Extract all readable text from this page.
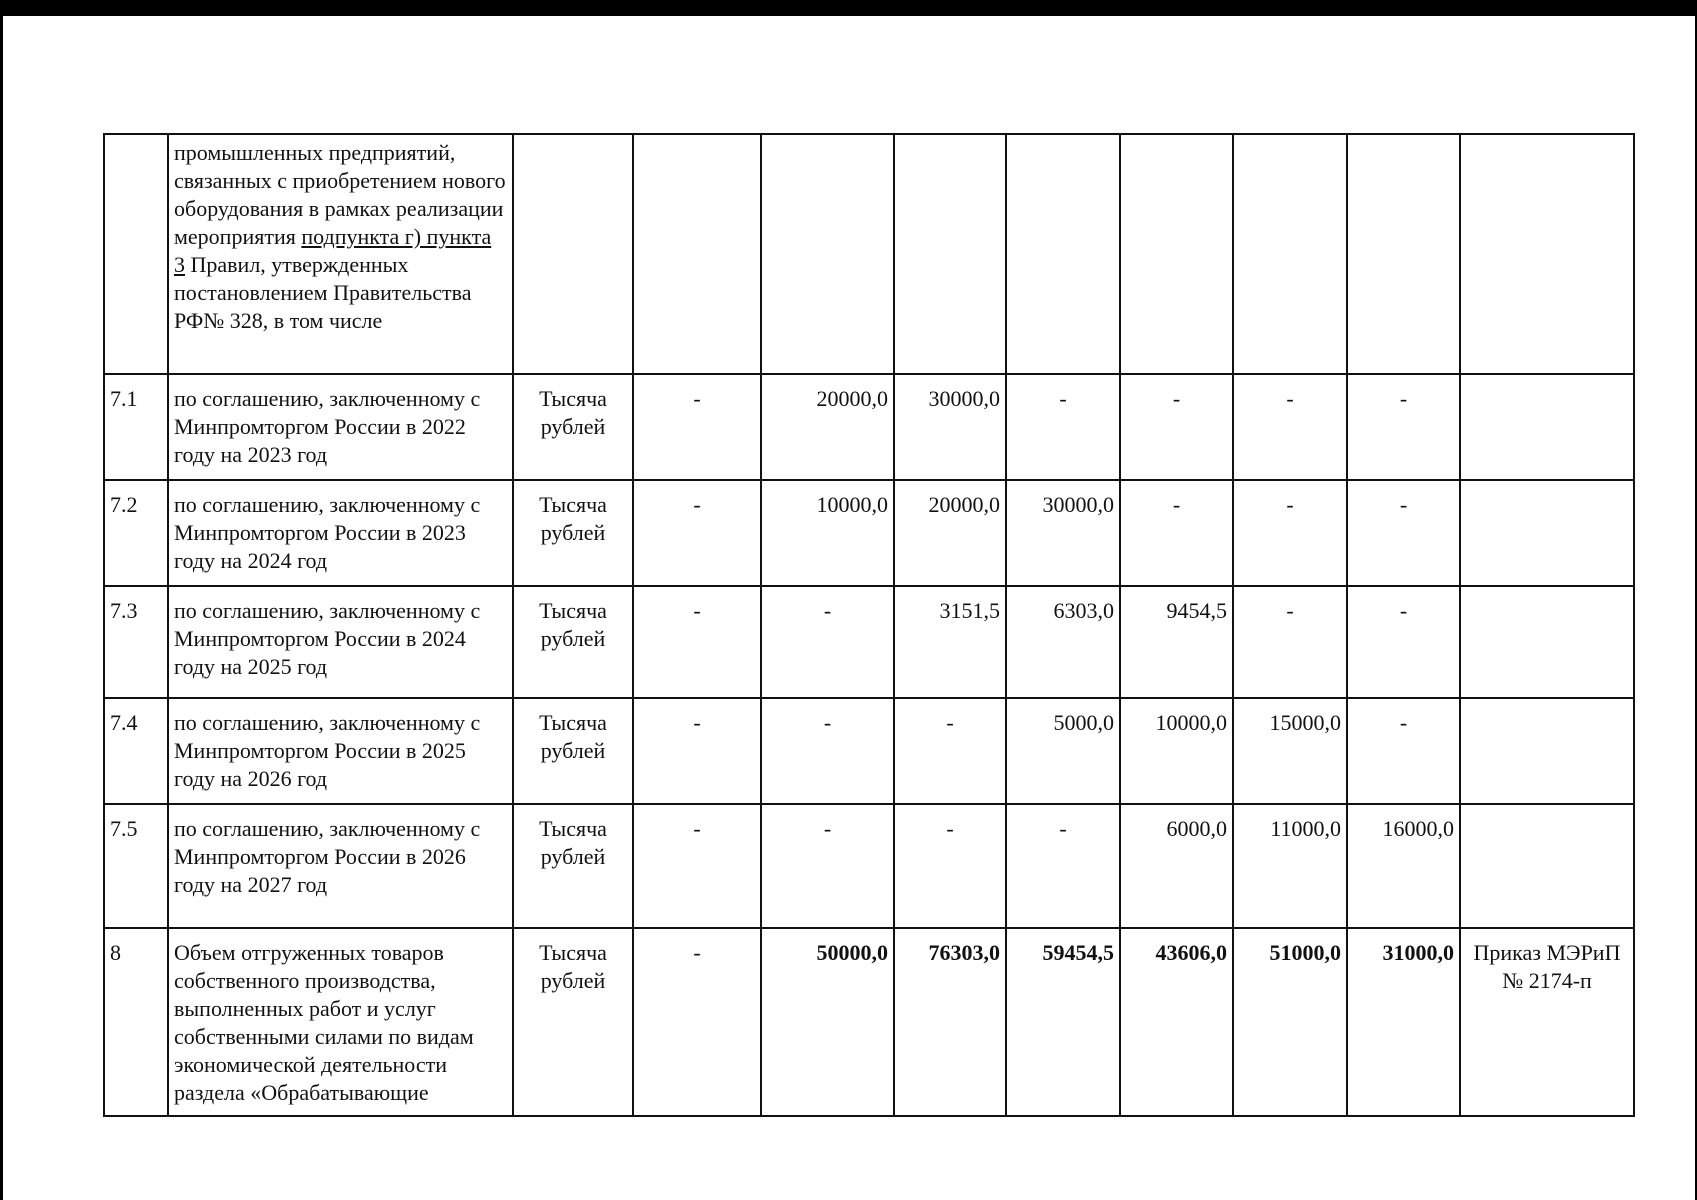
	промышленных предприятий, связанных с приобретением нового оборудования в рамках реализации мероприятия подпункта г) пункта 3 Правил, утвержденных постановлением Правительства РФ№ 328, в том числе									
7.1	по соглашению, заключенному с Минпромторгом России в 2022 году на 2023 год	Тысяча рублей	-	20000,0	30000,0	-	-	-	-	
7.2	по соглашению, заключенному с Минпромторгом России в 2023 году на 2024 год	Тысяча рублей	-	10000,0	20000,0	30000,0	-	-	-	
7.3	по соглашению, заключенному с Минпромторгом России в 2024 году на 2025 год	Тысяча рублей	-	-	3151,5	6303,0	9454,5	-	-	
7.4	по соглашению, заключенному с Минпромторгом России в 2025 году на 2026 год	Тысяча рублей	-	-	-	5000,0	10000,0	15000,0	-	
7.5	по соглашению, заключенному с Минпромторгом России в 2026 году на 2027 год	Тысяча рублей	-	-	-	-	6000,0	11000,0	16000,0	
8	Объем отгруженных товаров собственного производства, выполненных работ и услуг собственными силами по видам экономической деятельности раздела «Обрабатывающие	Тысяча рублей	-	50000,0	76303,0	59454,5	43606,0	51000,0	31000,0	Приказ МЭРиП № 2174-п
